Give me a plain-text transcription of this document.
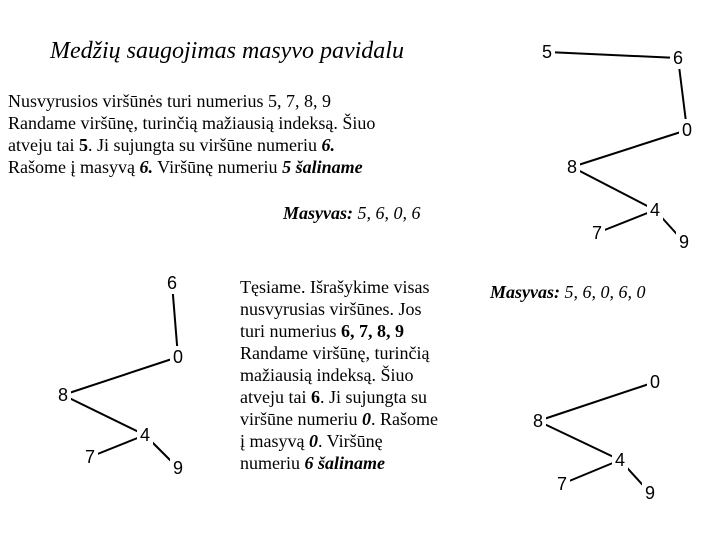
Medžių saugojimas masyvo pavidalu

Nusvyrusios viršūnės turi numerius 5, 7, 8, 9

Randame viršūnę, turinčią mažiausią indeksą. Šiuo

atveju tai 5. Ji sujungta su viršūne numeriu 6.

Rašome į masyvą 6. Viršūnę numeriu 5 šaliname

Masyvas: 5, 6, 0, 6

Tęsiame. Išrašykime visas

nusvyrusias viršūnes. Jos

turi numerius 6, 7, 8, 9

Randame viršūnę, turinčią

mažiausią indeksą. Šiuo

atveju tai 6. Ji sujungta su

viršūne numeriu 0. Rašome

į masyvą 0. Viršūnę

numeriu 6 šaliname

Masyvas: 5, 6, 0, 6, 0
5	6
0
8
4
7	9
6
0
8
4
7
9
0
8
4
7	9
